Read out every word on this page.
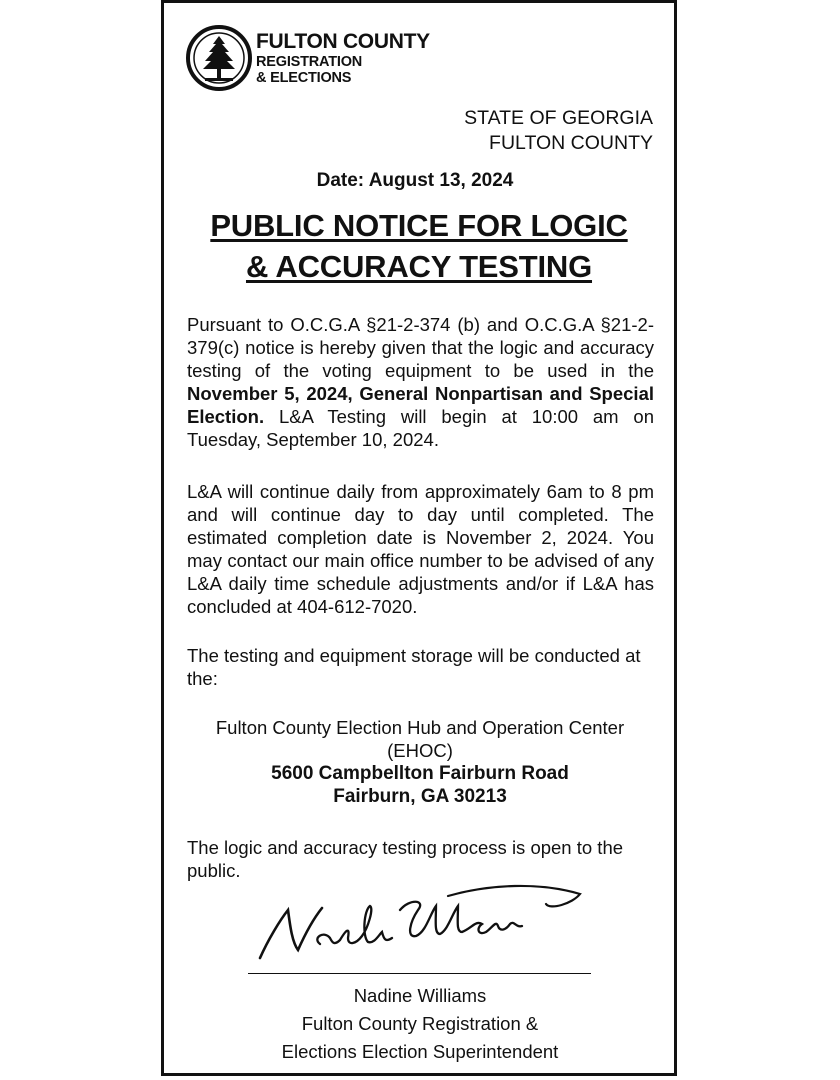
FULTON COUNTY
REGISTRATION
& ELECTIONS
STATE OF GEORGIA
FULTON COUNTY
Date: August 13, 2024
PUBLIC NOTICE FOR LOGIC
& ACCURACY TESTING
Pursuant to O.C.G.A §21-2-374 (b) and O.C.G.A §21-2-379(c) notice is hereby given that the logic and accuracy testing of the voting equipment to be used in the November 5, 2024, General Nonpartisan and Special Election. L&A Testing will begin at 10:00 am on Tuesday, September 10, 2024.
L&A will continue daily from approximately 6am to 8 pm and will continue day to day until completed. The estimated completion date is November 2, 2024. You may contact our main office number to be advised of any L&A daily time schedule adjustments and/or if L&A has concluded at 404-612-7020.
The testing and equipment storage will be conducted at the:
Fulton County Election Hub and Operation Center
(EHOC)
5600 Campbellton Fairburn Road
Fairburn, GA 30213
The logic and accuracy testing process is open to the public.
Nadine Williams
Fulton County Registration &
Elections Election Superintendent
